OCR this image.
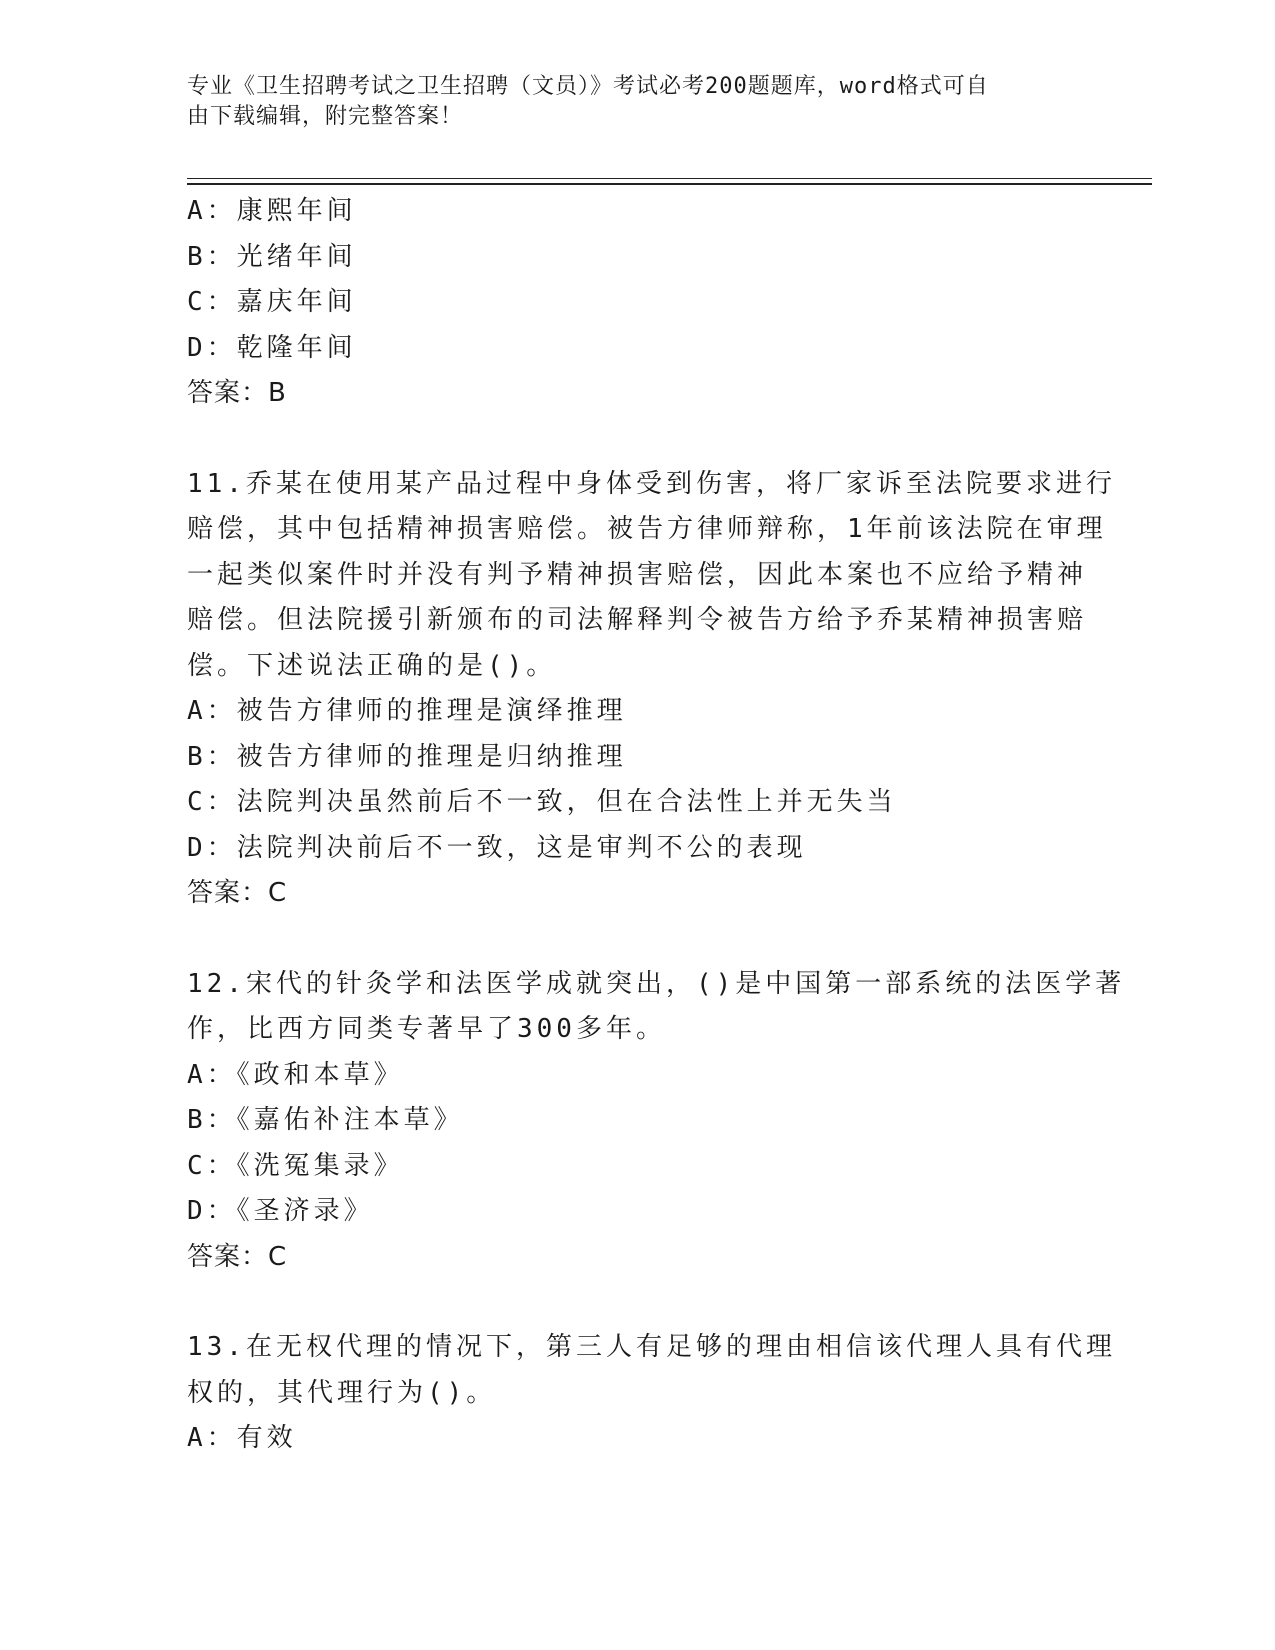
专业《卫生招聘考试之卫生招聘（文员）》考试必考200题题库，word格式可自
由下载编辑，附完整答案！
A：康熙年间
B：光绪年间
C：嘉庆年间
D：乾隆年间
答案：B
11.乔某在使用某产品过程中身体受到伤害，将厂家诉至法院要求进行
赔偿，其中包括精神损害赔偿。被告方律师辩称，1年前该法院在审理
一起类似案件时并没有判予精神损害赔偿，因此本案也不应给予精神
赔偿。但法院援引新颁布的司法解释判令被告方给予乔某精神损害赔
偿。下述说法正确的是()。
A：被告方律师的推理是演绎推理
B：被告方律师的推理是归纳推理
C：法院判决虽然前后不一致，但在合法性上并无失当
D：法院判决前后不一致，这是审判不公的表现
答案：C
12.宋代的针灸学和法医学成就突出，()是中国第一部系统的法医学著
作，比西方同类专著早了300多年。
A：《政和本草》
B：《嘉佑补注本草》
C：《洗冤集录》
D：《圣济录》
答案：C
13.在无权代理的情况下，第三人有足够的理由相信该代理人具有代理
权的，其代理行为()。
A：有效
